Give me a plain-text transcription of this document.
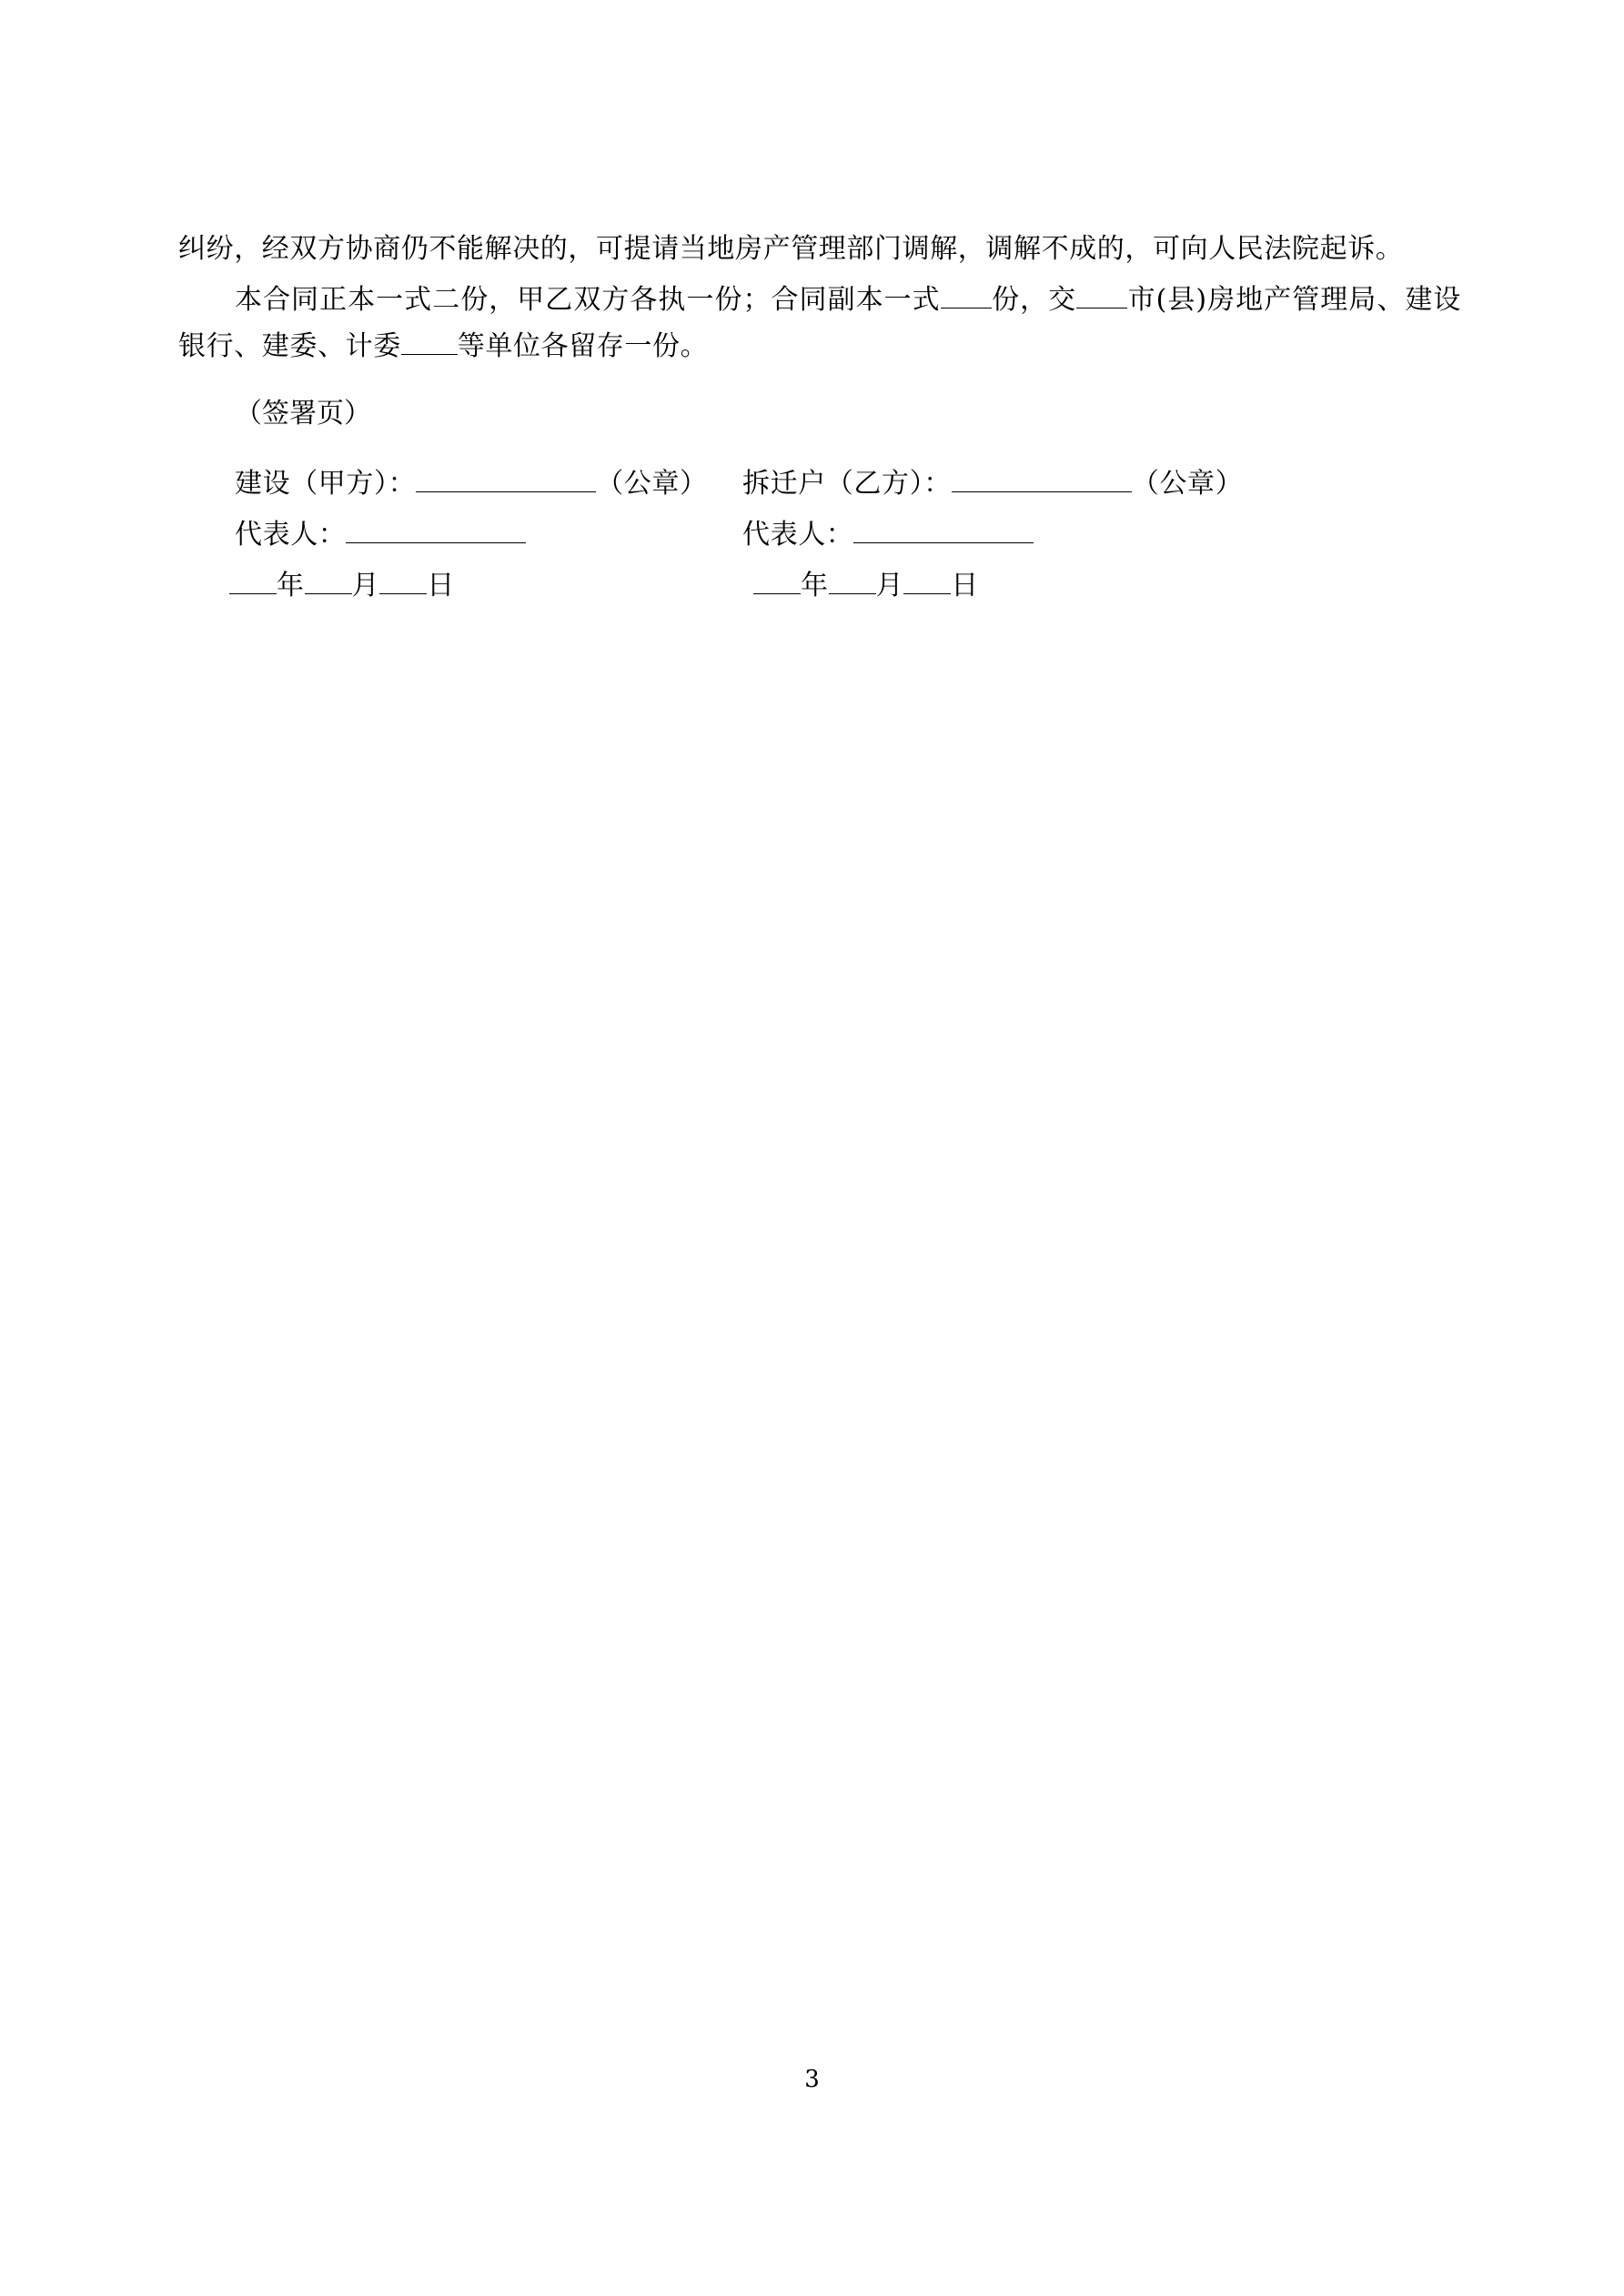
纠纷，经双方协商仍不能解决的，可提请当地房产管理部门调解，调解不成的，可向人民法院起诉。

本合同正本一式二份，甲乙双方各执一份；合同副本一式 份，交 市(县)房地产管理局、建设银行、建委、计委 等单位各留存一份。

（签署页）

建设（甲方）：	（公章）	拆迁户（乙方）：	（公章）
代表人：	代表人：
年 月 日	年 月 日
3
